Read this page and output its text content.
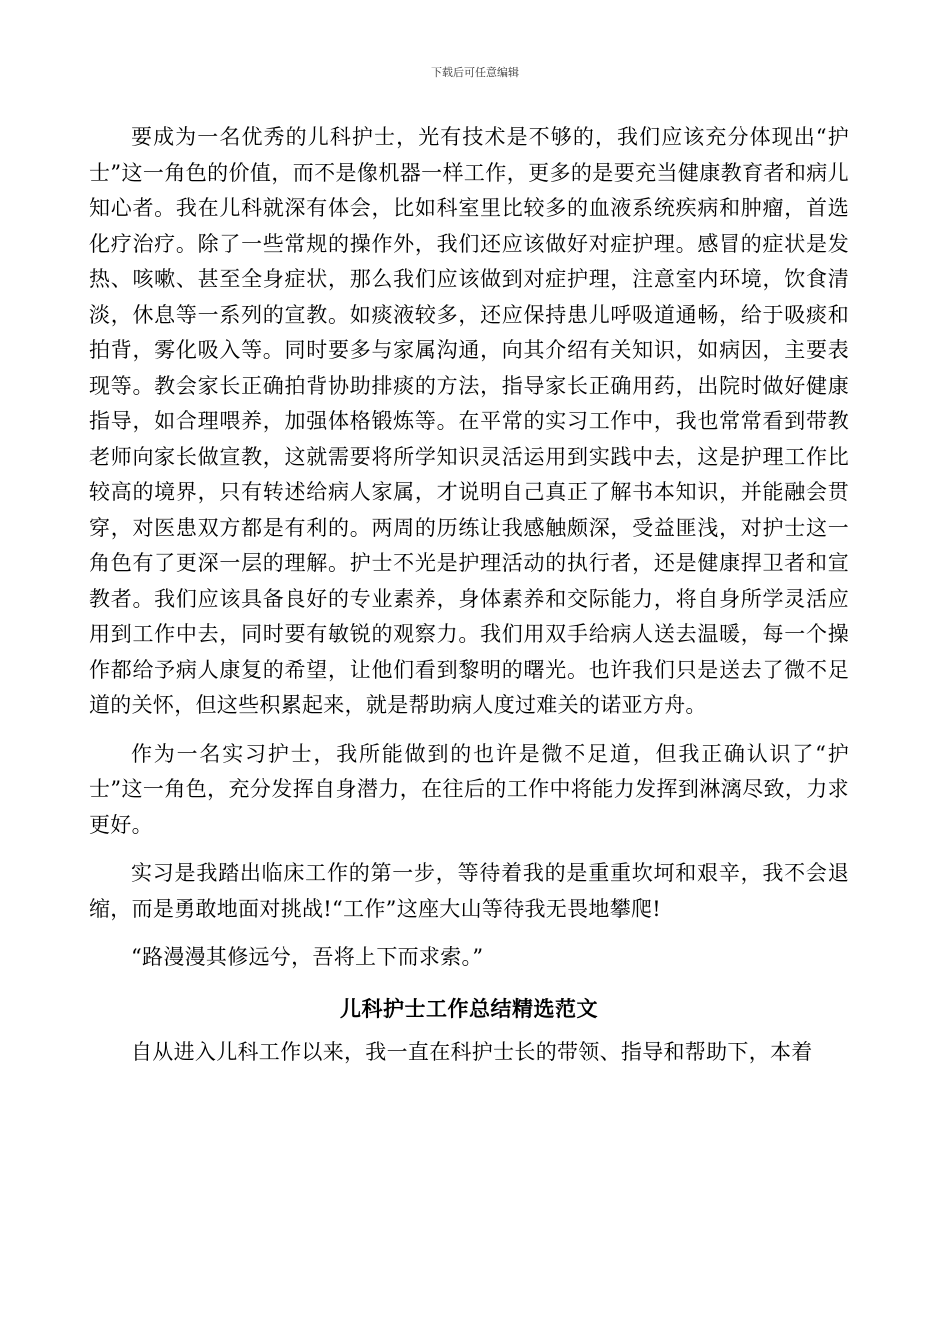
下载后可任意编辑

要成为一名优秀的儿科护士，光有技术是不够的，我们应该充分体现出“护士”这一角色的价值，而不是像机器一样工作，更多的是要充当健康教育者和病儿知心者。我在儿科就深有体会，比如科室里比较多的血液系统疾病和肿瘤，首选化疗治疗。除了一些常规的操作外，我们还应该做好对症护理。感冒的症状是发热、咳嗽、甚至全身症状，那么我们应该做到对症护理，注意室内环境，饮食清淡，休息等一系列的宣教。如痰液较多，还应保持患儿呼吸道通畅，给于吸痰和拍背，雾化吸入等。同时要多与家属沟通，向其介绍有关知识，如病因，主要表现等。教会家长正确拍背协助排痰的方法，指导家长正确用药，出院时做好健康指导，如合理喂养，加强体格锻炼等。在平常的实习工作中，我也常常看到带教老师向家长做宣教，这就需要将所学知识灵活运用到实践中去，这是护理工作比较高的境界，只有转述给病人家属，才说明自己真正了解书本知识，并能融会贯穿，对医患双方都是有利的。两周的历练让我感触颇深，受益匪浅，对护士这一角色有了更深一层的理解。护士不光是护理活动的执行者，还是健康捍卫者和宣教者。我们应该具备良好的专业素养，身体素养和交际能力，将自身所学灵活应用到工作中去，同时要有敏锐的观察力。我们用双手给病人送去温暖，每一个操作都给予病人康复的希望，让他们看到黎明的曙光。也许我们只是送去了微不足道的关怀，但这些积累起来，就是帮助病人度过难关的诺亚方舟。

作为一名实习护士，我所能做到的也许是微不足道，但我正确认识了“护士”这一角色，充分发挥自身潜力，在往后的工作中将能力发挥到淋漓尽致，力求更好。

实习是我踏出临床工作的第一步，等待着我的是重重坎坷和艰辛，我不会退缩，而是勇敢地面对挑战!“工作”这座大山等待我无畏地攀爬!

“路漫漫其修远兮，吾将上下而求索。”

儿科护士工作总结精选范文

自从进入儿科工作以来，我一直在科护士长的带领、指导和帮助下，本着
